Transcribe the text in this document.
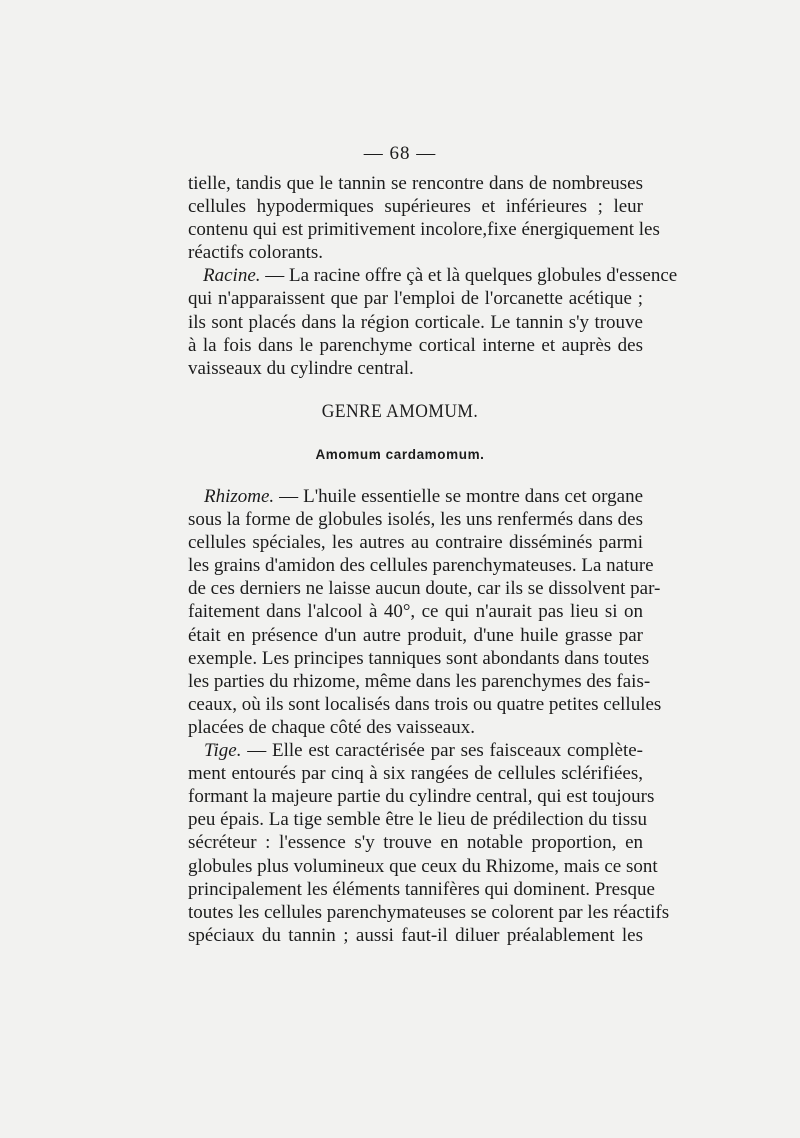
— 68 —
tielle, tandis que le tannin se rencontre dans de nombreuses
cellules hypodermiques supérieures et inférieures ; leur
contenu qui est primitivement incolore,fixe énergiquement les
réactifs colorants.
Racine. — La racine offre çà et là quelques globules d'essence
qui n'apparaissent que par l'emploi de l'orcanette acétique ;
ils sont placés dans la région corticale. Le tannin s'y trouve
à la fois dans le parenchyme cortical interne et auprès des
vaisseaux du cylindre central.
GENRE AMOMUM.
Amomum cardamomum.
Rhizome. — L'huile essentielle se montre dans cet organe
sous la forme de globules isolés, les uns renfermés dans des
cellules spéciales, les autres au contraire disséminés parmi
les grains d'amidon des cellules parenchymateuses. La nature
de ces derniers ne laisse aucun doute, car ils se dissolvent par-
faitement dans l'alcool à 40°, ce qui n'aurait pas lieu si on
était en présence d'un autre produit, d'une huile grasse par
exemple. Les principes tanniques sont abondants dans toutes
les parties du rhizome, même dans les parenchymes des fais-
ceaux, où ils sont localisés dans trois ou quatre petites cellules
placées de chaque côté des vaisseaux.
Tige. — Elle est caractérisée par ses faisceaux complète-
ment entourés par cinq à six rangées de cellules sclérifiées,
formant la majeure partie du cylindre central, qui est toujours
peu épais. La tige semble être le lieu de prédilection du tissu
sécréteur : l'essence s'y trouve en notable proportion, en
globules plus volumineux que ceux du Rhizome, mais ce sont
principalement les éléments tannifères qui dominent. Presque
toutes les cellules parenchymateuses se colorent par les réactifs
spéciaux du tannin ; aussi faut-il diluer préalablement les
